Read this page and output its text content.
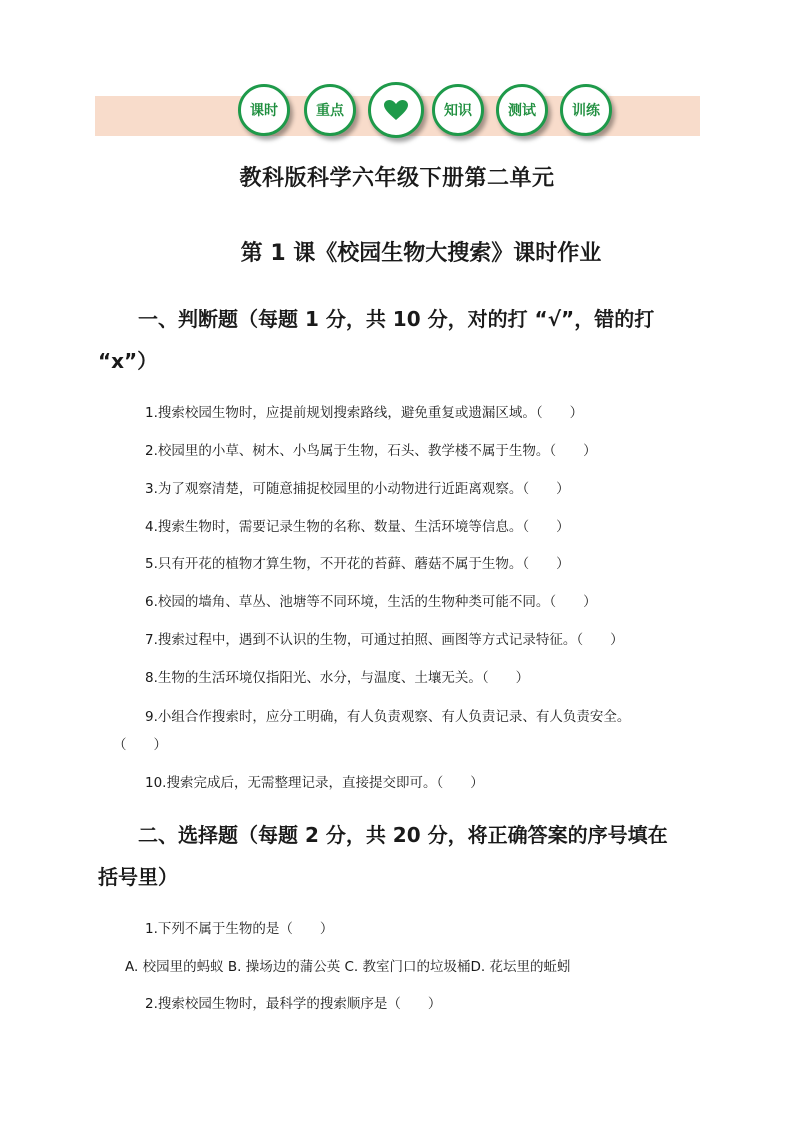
课时	重点	知识	测试	训练
教科版科学六年级下册第二单元
第 1 课《校园生物大搜索》课时作业
一、判断题（每题 1 分，共 10 分，对的打 “√”，错的打
“x”）
1.搜索校园生物时，应提前规划搜索路线，避免重复或遗漏区域。（　　）
2.校园里的小草、树木、小鸟属于生物，石头、教学楼不属于生物。（　　）
3.为了观察清楚，可随意捕捉校园里的小动物进行近距离观察。（　　）
4.搜索生物时，需要记录生物的名称、数量、生活环境等信息。（　　）
5.只有开花的植物才算生物，不开花的苔藓、蘑菇不属于生物。（　　）
6.校园的墙角、草丛、池塘等不同环境，生活的生物种类可能不同。（　　）
7.搜索过程中，遇到不认识的生物，可通过拍照、画图等方式记录特征。（　　）
8.生物的生活环境仅指阳光、水分，与温度、土壤无关。（　　）
9.小组合作搜索时，应分工明确，有人负责观察、有人负责记录、有人负责安全。
（　　）
10.搜索完成后，无需整理记录，直接提交即可。（　　）
二、选择题（每题 2 分，共 20 分，将正确答案的序号填在
括号里）
1.下列不属于生物的是（　　）
A. 校园里的蚂蚁 B. 操场边的蒲公英 C. 教室门口的垃圾桶D. 花坛里的蚯蚓
2.搜索校园生物时，最科学的搜索顺序是（　　）
